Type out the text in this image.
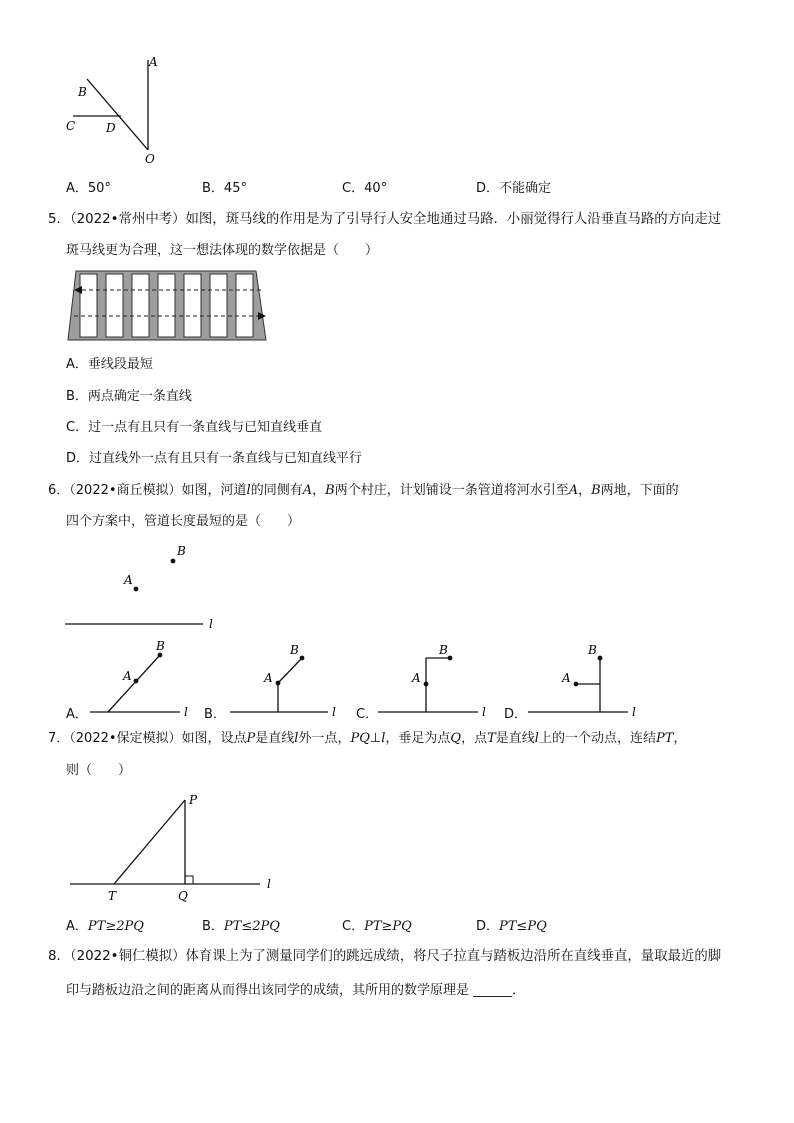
A
B
C	D
O
A．50°	B．45°	C．40°	D．不能确定
5．（2022•常州中考）如图，斑马线的作用是为了引导行人安全地通过马路．小丽觉得行人沿垂直马路的方向走过
斑马线更为合理，这一想法体现的数学依据是（　　）
A．垂线段最短
B．两点确定一条直线
C．过一点有且只有一条直线与已知直线垂直
D．过直线外一点有且只有一条直线与已知直线平行
6．（2022•商丘模拟）如图，河道l的同侧有A，B两个村庄，计划铺设一条管道将河水引至A，B两地，下面的
四个方案中，管道长度最短的是（　　）
B
A
l
A．
A
B
l B．
A
B
l C．
A
B
l D．
A
B
l
7．（2022•保定模拟）如图，设点P是直线l外一点，PQ⊥l，垂足为点Q，点T是直线l上的一个动点，连结PT，
则（　　）
P
T	Q
l
A．PT≥2PQ	B．PT≤2PQ	C．PT≥PQ	D．PT≤PQ
8．（2022•铜仁模拟）体育课上为了测量同学们的跳远成绩，将尺子拉直与踏板边沿所在直线垂直，量取最近的脚
印与踏板边沿之间的距离从而得出该同学的成绩，其所用的数学原理是 ______．
